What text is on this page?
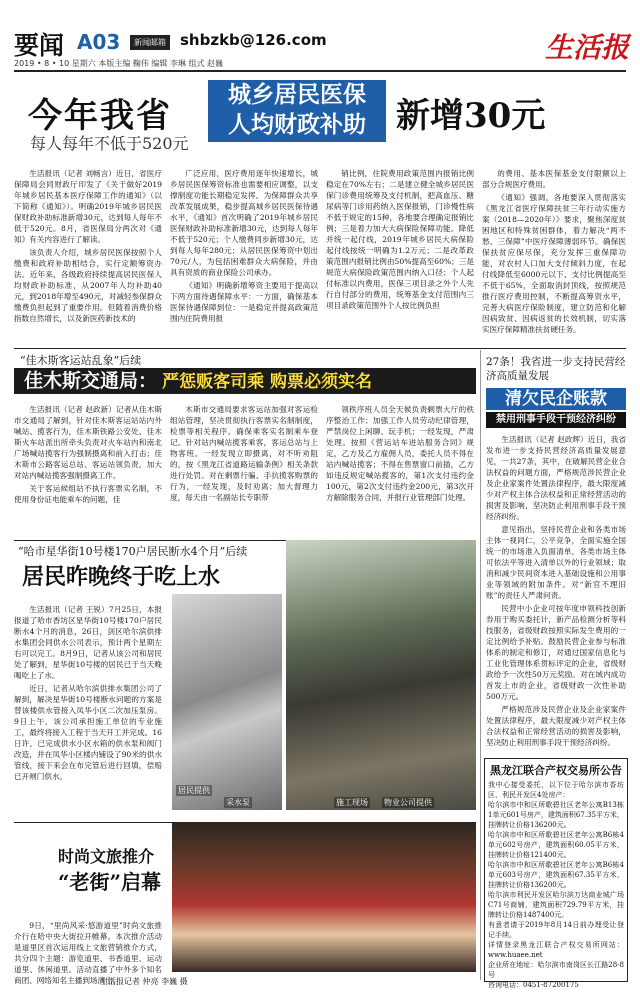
要闻 A03	新闻邮箱 shbzkb@126.com	生活报
2019 • 8 • 10 星期六 本版主编 鞠伟 编辑 李琳 组式 赵巍
今年我省
城乡居民医保
人均财政补助 新增30元
每人每年不低于520元

生活报讯（记者 刘畅言）近日，省医疗保障局会同财政厅印发了《关于做好2019年城乡居民基本医疗保障工作的通知》（以下简称《通知》）。明确2019年城乡居民医保财政补助标准新增30元，达到每人每年不低于520元。8月，省医保局分两次对《通知》有关内容进行了解读。

该负责人介绍，城乡居民医保按照个人缴费和政府补助相结合，实行定额筹资办法。近年来，各级政府持续提高居民医保人均财政补助标准，从2007年人均补助40元，到2018年增至490元，对减轻参保群众缴费负担起到了重要作用。但随着消费价格指数自然增长，以及新医药新技术的

广泛应用，医疗费用逐年快速增长，城乡居民医保筹资标准也需要相应调整，以支撑制度功能长期稳定发挥。为保障群众共享改革发展成果，稳步提高城乡居民医保待遇水平，《通知》首次明确了2019年城乡居民医保财政补助标准新增30元，达到每人每年不低于520元；个人缴费同步新增30元，达到每人每年280元；从居民医保筹资中划出70元/人，为包括困难群众大病保险，并由具有资质的商业保险公司承办。

《通知》明确新增筹资主要用于提高以下两方面待遇保障水平：一方面，确保基本医保待遇保障到位：一是稳定并提高政策范围内住院费用报

销比例，住院费用政策范围内报销比例稳定在70%左右；二是建立健全城乡居民医保门诊费用统筹及支付机制，把高血压、糖尿病等门诊用药纳入医保报销，门诊慢性病不低于规定的15种，各地要合理确定报销比例；三是着力加大大病保险保障功能。降低并统一起付线，2019年城乡居民大病保险起付线按统一明确为1.2万元；二是改革政策范围内报销比例由50%提高至60%；三是规范大病保险政策范围内纳入口径；个人起付标准以内费用，医保三项目录之外个人先行自付部分的费用，统筹基金支付范围内三项目录政策范围外个人按比例负担

的费用、基本医保基金支付限额以上部分合规医疗费用。

《通知》强调，各地要深入贯彻落实《黑龙江省医疗保障扶贫三年行动实施方案（2018—2020年）》要求，聚焦深度贫困地区和特殊贫困群体，着力解决“两不愁、三保障”中医疗保障薄弱环节。确保医保扶贫应保尽保，充分发挥三重保障功能，对农村人口加大支付倾斜力度，在起付线降低至6000元以下、支付比例提高至不低于65%，全面取消封顶线，按照规范推行医疗费用控制，不断提高筹资水平，完善大病医疗保险制度，建立防范和化解因病致贫、因病返贫的长效机制，切实落实医疗保障精准扶贫硬任务。

“佳木斯客运站乱象”后续
佳木斯交通局： 严惩贩客司乘 购票必须实名

生活报讯（记者 赵政新）记者从佳木斯市交通局了解到，针对佳木斯客运站站内外喊站、揽客行为，佳木斯铁路公安处、佳木斯火车站派出所牵头负责对火车站内和南北广场喊站揽客行为强制摄离和前入打击；佳木斯市公路客运总站、客运站领负责，加大对站内喊站揽客强制摄离工作。

关于客运候组站不执行客票实名制，不使用身份证电能乘车的问题，佳

木斯市交通局要求客运站加强对客运检组站管理，坚决贯彻执行客票实名制制度，检票等相关程序。确保乘客实名制乘车登记。针对站内喊站揽客乘客，客运总站与上物客班。一经发现立即摄离，对不听劝阻的，按《黑龙江省道路运输条例》相关条款进行处罚。对在剩票行骗、手抗揽客购票的行为，一经发现，及时劝离；加大督理力度，每天由一名副站长专职带

领秩序班人员全天候负责剩票大厅的秩序整治工作；加强工作人员劳动纪律管理，严禁岗位上闲聊、玩手机；一经发现，严肃处理。按照《营运站车进站服务合同》规定，乙方及乙方雇佣人员，委托人员不得在站内喊站揽客；不得在售票窗口前插，乙方如违反规定喊站揽客的，第1次支付违约金100元，第2次支付违约金200元，第3次开方解除服务合同，并报行业管理部门处理。

“哈市星华街10号楼170户居民断水4个月”后续
居民昨晚终于吃上水

生活报讯（记者 王锐）7月25日，本报报道了哈市香坊区星华街10号楼170户居民断水4个月的消息，26日，剑区哈尔滨供排水集团会同供水公司表示，预计两个星期左右可以完工。8月9日，记者从该公司和居民处了解到，星华街10号楼的居民已于当天晚喝吃上了水。

近日，记者从哈尔滨供排水集团公司了解到，解决星华街10号楼断水问题的方案是替该楼供水管接入凤华小区二次加压泵房。9日上午，该公司承担施工单位的专业施工，最终将接入工程于当天开工并完成。16日许，已完成供水小区水箱的供水泵和阀门改造，并在凤华小区楼内铺设了90米的供水管线，接下来会在布完管后进行回填，偿赔已开闸门供水。

采水泵
居民提供
施工现场 物业公司提供
时尚文旅推介
“老街”启幕

9日，“里尚风采·悠游道里”时尚文旅推介行在哈中央大街拉开帷幕。本次推介活动是道里区首次运用线上文旅营销推介方式，共分四个主题：游览道里、书香道里、运动道里、休闲道里。活动直播了中外多个知名商团、网络知名主播到场演出。

生活报记者 仲亮 李巍 摄
27条！我省进一步支持民营经济高质量发展
清欠民企账款
禁用刑事手段干预经济纠纷

生活报讯（记者 赵政辉）近日，我省发布进一步支持民营经济高质量发展意见，一共27条，其中，在破解民营企业合法权益的问题方面，严格规范涉民营企业及企业家案件处置法律程序，最大限度减少对产权主体合法权益和正常经营活动的损害及影响，坚决防止利用刑事手段干预经济纠纷。

意见指出，坚持民营企业和各类市场主体一视同仁，公平竞争，全面实施全国统一的市场准入负面清单，各类市场主体可依法平等进入清单以外的行业领域；取消和减少民间资本进入基础设施和公用事业等领域的附加条件。对“新官不理旧账”的责任人严肃问责。

民营中小企业可按年度申领科技创新券用于购买委托计，新产品检测分析等科技服务，省级财政按照实际发生费用的一定比例给予补贴。鼓励民营企业参与标准体系的制定和修订，对通过国家信息化与工业化管理体系贯标评定的企业，省级财政给予一次性50万元奖励。对在域内成功首发上市的企业，省级财政一次性补助500万元。

严格规范涉及民营企业及企业家案件处置法律程序，最大限度减少对产权主体合法权益和正常经营活动的损害及影响，坚决防止利用刑事手段干预经济纠纷。

黑龙江联合产权交易所公告
我中心接受委托，以下位于哈尔滨市香坊区、利民开发区4处房产：
哈尔滨市中和区所歌碧社区老年公寓B13栋1单元601号房产，建筑面积67.35平方米，挂牌转让价格136200元。
哈尔滨市中和区所歌碧社区老年公寓B6栋4单元602号房产，建筑面积60.05平方米，挂牌转让价格121400元。
哈尔滨市中和区所歌碧社区老年公寓B6栋4单元603号房产，建筑面积67.35平方米，挂牌转让价格136200元。
哈尔滨市利民开发区哈尔滨万达商业城广场C71号商铺，建筑面积729.79平方米，挂牌转让价格1487400元。
有意者请于2019年8月14日前办理受让登记手续。
详情登录黑龙江联合产权交易所网站：www.huaee.net
企业所在地址：哈尔滨市南岗区长江路28-8号
咨询电话：0451-87200175
